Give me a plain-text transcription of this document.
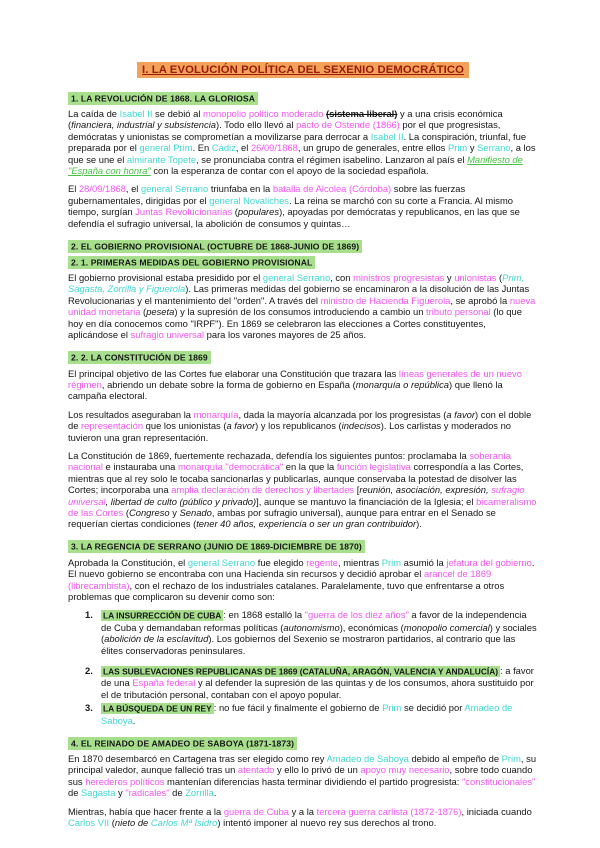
I. LA EVOLUCIÓN POLÍTICA DEL SEXENIO DEMOCRÁTICO
1. LA REVOLUCIÓN DE 1868. LA GLORIOSA

La caída de Isabel II se debió al monopolio político moderado (sistema liberal) y a una crisis económica (financiera, industrial y subsistencia). Todo ello llevó al pacto de Ostende (1866) por el que progresistas, demócratas y unionistas se comprometían a movilizarse para derrocar a Isabel II. La conspiración, triunfal, fue preparada por el general Prim. En Cádiz, el 26/09/1868, un grupo de generales, entre ellos Prim y Serrano, a los que se une el almirante Topete, se pronunciaba contra el régimen isabelino. Lanzaron al país el Manifiesto de "España con honra" con la esperanza de contar con el apoyo de la sociedad española.

El 28/09/1868, el general Serrano triunfaba en la batalla de Alcolea (Córdoba) sobre las fuerzas gubernamentales, dirigidas por el general Novaliches. La reina se marchó con su corte a Francia. Al mismo tiempo, surgían Juntas Revolucionarias (populares), apoyadas por demócratas y republicanos, en las que se defendía el sufragio universal, la abolición de consumos y quintas…

2. EL GOBIERNO PROVISIONAL (OCTUBRE DE 1868-JUNIO DE 1869)
2. 1. PRIMERAS MEDIDAS DEL GOBIERNO PROVISIONAL

El gobierno provisional estaba presidido por el general Serrano, con ministros progresistas y unionistas (Prim, Sagasta, Zorrilla y Figuerola). Las primeras medidas del gobierno se encaminaron a la disolución de las Juntas Revolucionarias y el mantenimiento del "orden". A través del ministro de Hacienda Figuerola, se aprobó la nueva unidad monetaria (peseta) y la supresión de los consumos introduciendo a cambio un tributo personal (lo que hoy en día conocemos como "IRPF"). En 1869 se celebraron las elecciones a Cortes constituyentes, aplicándose el sufragio universal para los varones mayores de 25 años.

2. 2. LA CONSTITUCIÓN DE 1869

El principal objetivo de las Cortes fue elaborar una Constitución que trazara las líneas generales de un nuevo régimen, abriendo un debate sobre la forma de gobierno en España (monarquía o república) que llenó la campaña electoral.

Los resultados aseguraban la monarquía, dada la mayoría alcanzada por los progresistas (a favor) con el doble de representación que los unionistas (a favor) y los republicanos (indecisos). Los carlistas y moderados no tuvieron una gran representación.

La Constitución de 1869, fuertemente rechazada, defendía los siguientes puntos: proclamaba la soberanía nacional e instauraba una monarquía "democrática" en la que la función legislativa correspondía a las Cortes, mientras que al rey solo le tocaba sancionarlas y publicarlas, aunque conservaba la potestad de disolver las Cortes; incorporaba una amplia declaración de derechos y libertades [reunión, asociación, expresión, sufragio universal, libertad de culto (público y privado)], aunque se mantuvo la financiación de la Iglesia; el bicameralismo de las Cortes (Congreso y Senado, ambas por sufragio universal), aunque para entrar en el Senado se requerían ciertas condiciones (tener 40 años, experiencia o ser un gran contribuidor).

3. LA REGENCIA DE SERRANO (JUNIO DE 1869-DICIEMBRE DE 1870)

Aprobada la Constitución, el general Serrano fue elegido regente, mientras Prim asumió la jefatura del gobierno. El nuevo gobierno se encontraba con una Hacienda sin recursos y decidió aprobar el arancel de 1869 (librecambista), con el rechazo de los industriales catalanes. Paralelamente, tuvo que enfrentarse a otros problemas que complicaron su devenir como son:

1.	LA INSURRECCIÓN DE CUBA : en 1868 estalló la "guerra de los diez años" a favor de la independencia de Cuba y demandaban reformas políticas (autonomismo), económicas (monopolio comercial) y sociales (abolición de la esclavitud). Los gobiernos del Sexenio se mostraron partidarios, al contrario que las élites conservadoras peninsulares.
2.	LAS SUBLEVACIONES REPUBLICANAS DE 1869 (CATALUÑA, ARAGÓN, VALENCIA Y ANDALUCÍA) : a favor de una España federal y al defender la supresión de las quintas y de los consumos, ahora sustituido por el de tributación personal, contaban con el apoyo popular.
3.	LA BÚSQUEDA DE UN REY : no fue fácil y finalmente el gobierno de Prim se decidió por Amadeo de Saboya.
4. EL REINADO DE AMADEO DE SABOYA (1871-1873)

En 1870 desembarcó en Cartagena tras ser elegido como rey Amadeo de Saboya debido al empeño de Prim, su principal valedor, aunque falleció tras un atentado y ello lo privó de un apoyo muy necesario, sobre todo cuando sus herederos políticos mantenían diferencias hasta terminar dividiendo el partido progresista: "constitucionales" de Sagasta y "radicales" de Zorrilla.

Mientras, había que hacer frente a la guerra de Cuba y a la tercera guerra carlista (1872-1876), iniciada cuando Carlos VII (nieto de Carlos Mª Isidro) intentó imponer al nuevo rey sus derechos al trono.
